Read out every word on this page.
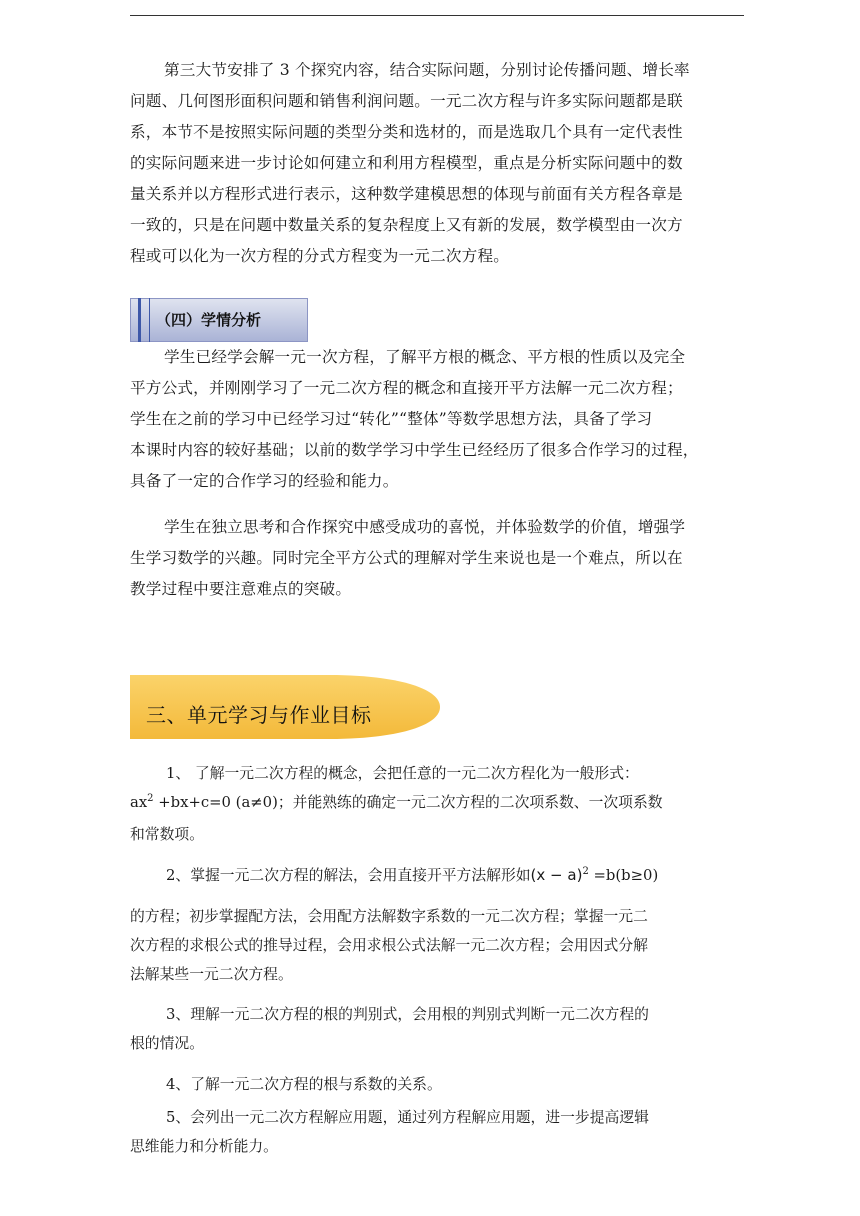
第三大节安排了 3 个探究内容，结合实际问题，分别讨论传播问题、增长率
问题、几何图形面积问题和销售利润问题。一元二次方程与许多实际问题都是联
系，本节不是按照实际问题的类型分类和选材的，而是选取几个具有一定代表性
的实际问题来进一步讨论如何建立和利用方程模型，重点是分析实际问题中的数
量关系并以方程形式进行表示，这种数学建模思想的体现与前面有关方程各章是
一致的，只是在问题中数量关系的复杂程度上又有新的发展，数学模型由一次方
程或可以化为一次方程的分式方程变为一元二次方程。

（四）学情分析

学生已经学会解一元一次方程，了解平方根的概念、平方根的性质以及完全
平方公式，并刚刚学习了一元二次方程的概念和直接开平方法解一元二次方程；
学生在之前的学习中已经学习过“转化”“整体”等数学思想方法，具备了学习
本课时内容的较好基础；以前的数学学习中学生已经经历了很多合作学习的过程，
具备了一定的合作学习的经验和能力。

学生在独立思考和合作探究中感受成功的喜悦，并体验数学的价值，增强学
生学习数学的兴趣。同时完全平方公式的理解对学生来说也是一个难点，所以在
教学过程中要注意难点的突破。

三、单元学习与作业目标

1、 了解一元二次方程的概念，会把任意的一元二次方程化为一般形式：

$ax^2 +bx+c=0$ (a≠0)；并能熟练的确定一元二次方程的二次项系数、一次项系数

和常数项。

2、掌握一元二次方程的解法，会用直接开平方法解形如$(x - a)^2 =b(b\ge 0)$

的方程；初步掌握配方法，会用配方法解数字系数的一元二次方程；掌握一元二

次方程的求根公式的推导过程，会用求根公式法解一元二次方程；会用因式分解

法解某些一元二次方程。

3、理解一元二次方程的根的判别式，会用根的判别式判断一元二次方程的

根的情况。

4、了解一元二次方程的根与系数的关系。

5、会列出一元二次方程解应用题，通过列方程解应用题，进一步提高逻辑

思维能力和分析能力。
